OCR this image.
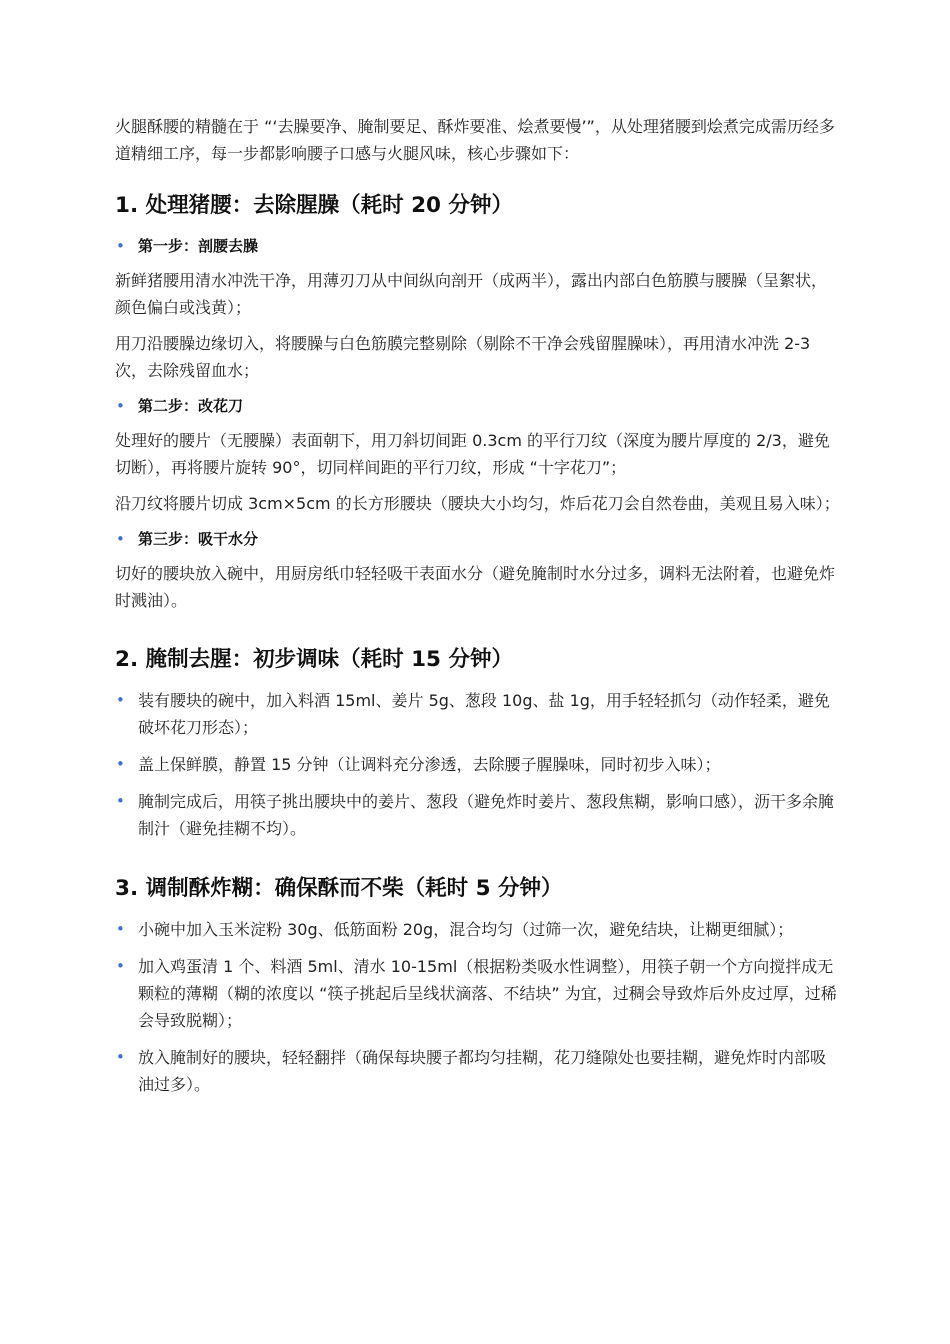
火腿酥腰的精髓在于 “‘去臊要净、腌制要足、酥炸要准、烩煮要慢’”，从处理猪腰到烩煮完成需历经多道精细工序，每一步都影响腰子口感与火腿风味，核心步骤如下：

1. 处理猪腰：去除腥臊（耗时 20 分钟）
• 第一步：剖腰去臊

新鲜猪腰用清水冲洗干净，用薄刃刀从中间纵向剖开（成两半），露出内部白色筋膜与腰臊（呈絮状，颜色偏白或浅黄）；

用刀沿腰臊边缘切入，将腰臊与白色筋膜完整剔除（剔除不干净会残留腥臊味），再用清水冲洗 2-3 次，去除残留血水；

• 第二步：改花刀

处理好的腰片（无腰臊）表面朝下，用刀斜切间距 0.3cm 的平行刀纹（深度为腰片厚度的 2/3，避免切断），再将腰片旋转 90°，切同样间距的平行刀纹，形成 “十字花刀”；

沿刀纹将腰片切成 3cm×5cm 的长方形腰块（腰块大小均匀，炸后花刀会自然卷曲，美观且易入味）；

• 第三步：吸干水分

切好的腰块放入碗中，用厨房纸巾轻轻吸干表面水分（避免腌制时水分过多，调料无法附着，也避免炸时溅油）。

2. 腌制去腥：初步调味（耗时 15 分钟）
• 装有腰块的碗中，加入料酒 15ml、姜片 5g、葱段 10g、盐 1g，用手轻轻抓匀（动作轻柔，避免破坏花刀形态）；
• 盖上保鲜膜，静置 15 分钟（让调料充分渗透，去除腰子腥臊味，同时初步入味）；
• 腌制完成后，用筷子挑出腰块中的姜片、葱段（避免炸时姜片、葱段焦糊，影响口感），沥干多余腌制汁（避免挂糊不均）。
3. 调制酥炸糊：确保酥而不柴（耗时 5 分钟）
• 小碗中加入玉米淀粉 30g、低筋面粉 20g，混合均匀（过筛一次，避免结块，让糊更细腻）；
• 加入鸡蛋清 1 个、料酒 5ml、清水 10-15ml（根据粉类吸水性调整），用筷子朝一个方向搅拌成无颗粒的薄糊（糊的浓度以 “筷子挑起后呈线状滴落、不结块” 为宜，过稠会导致炸后外皮过厚，过稀会导致脱糊）；
• 放入腌制好的腰块，轻轻翻拌（确保每块腰子都均匀挂糊，花刀缝隙处也要挂糊，避免炸时内部吸油过多）。
